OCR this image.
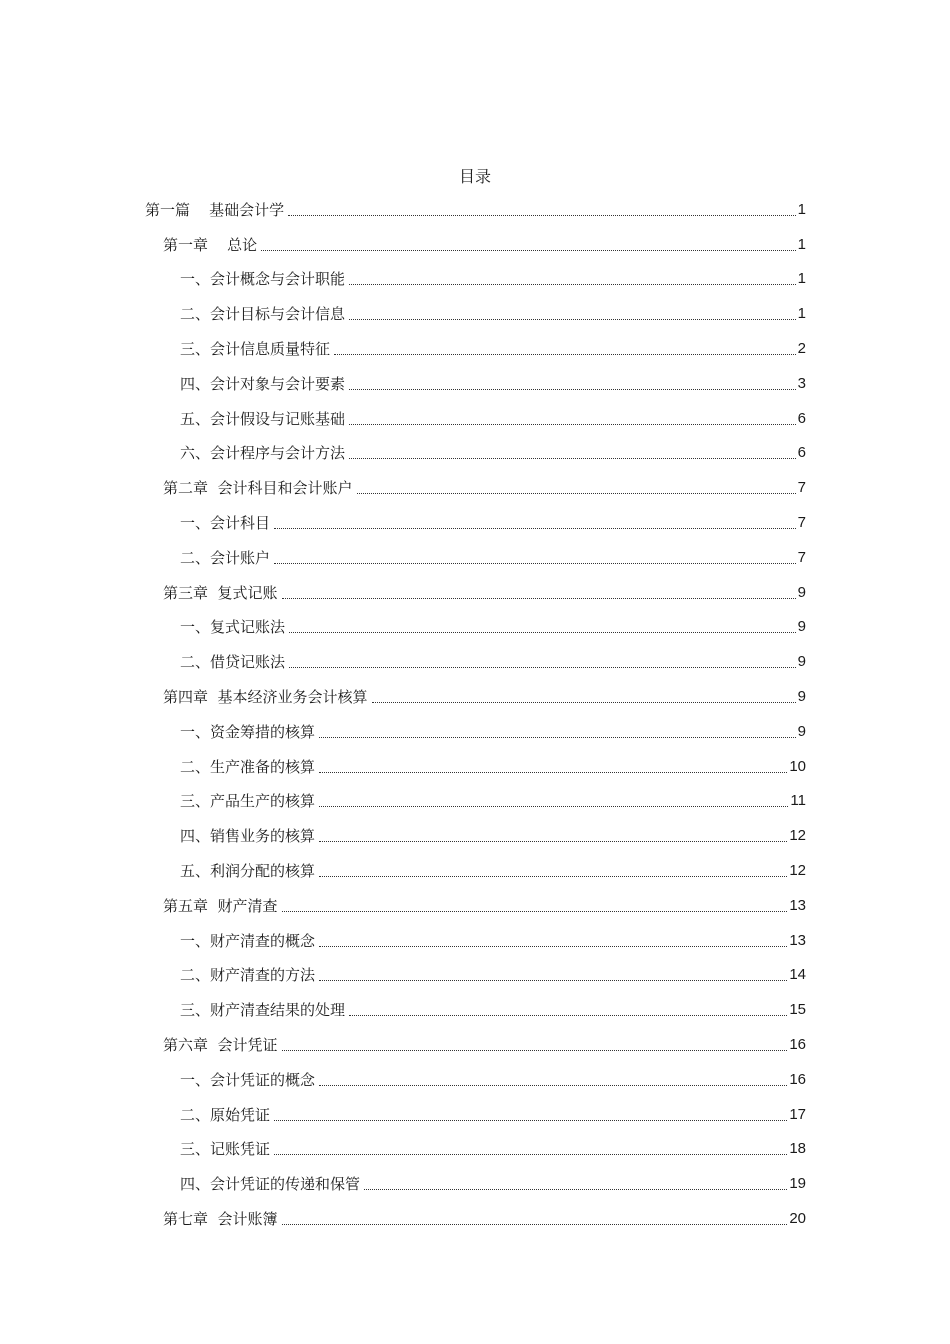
目录
第一篇    基础会计学	1
第一章    总论	1
一、会计概念与会计职能	1
二、会计目标与会计信息	1
三、会计信息质量特征	2
四、会计对象与会计要素	3
五、会计假设与记账基础	6
六、会计程序与会计方法	6
第二章  会计科目和会计账户	7
一、会计科目	7
二、会计账户	7
第三章  复式记账	9
一、复式记账法	9
二、借贷记账法	9
第四章  基本经济业务会计核算	9
一、资金筹措的核算	9
二、生产准备的核算	10
三、产品生产的核算	11
四、销售业务的核算	12
五、利润分配的核算	12
第五章  财产清查	13
一、财产清查的概念	13
二、财产清查的方法	14
三、财产清查结果的处理	15
第六章  会计凭证	16
一、会计凭证的概念	16
二、原始凭证	17
三、记账凭证	18
四、会计凭证的传递和保管	19
第七章  会计账簿	20
